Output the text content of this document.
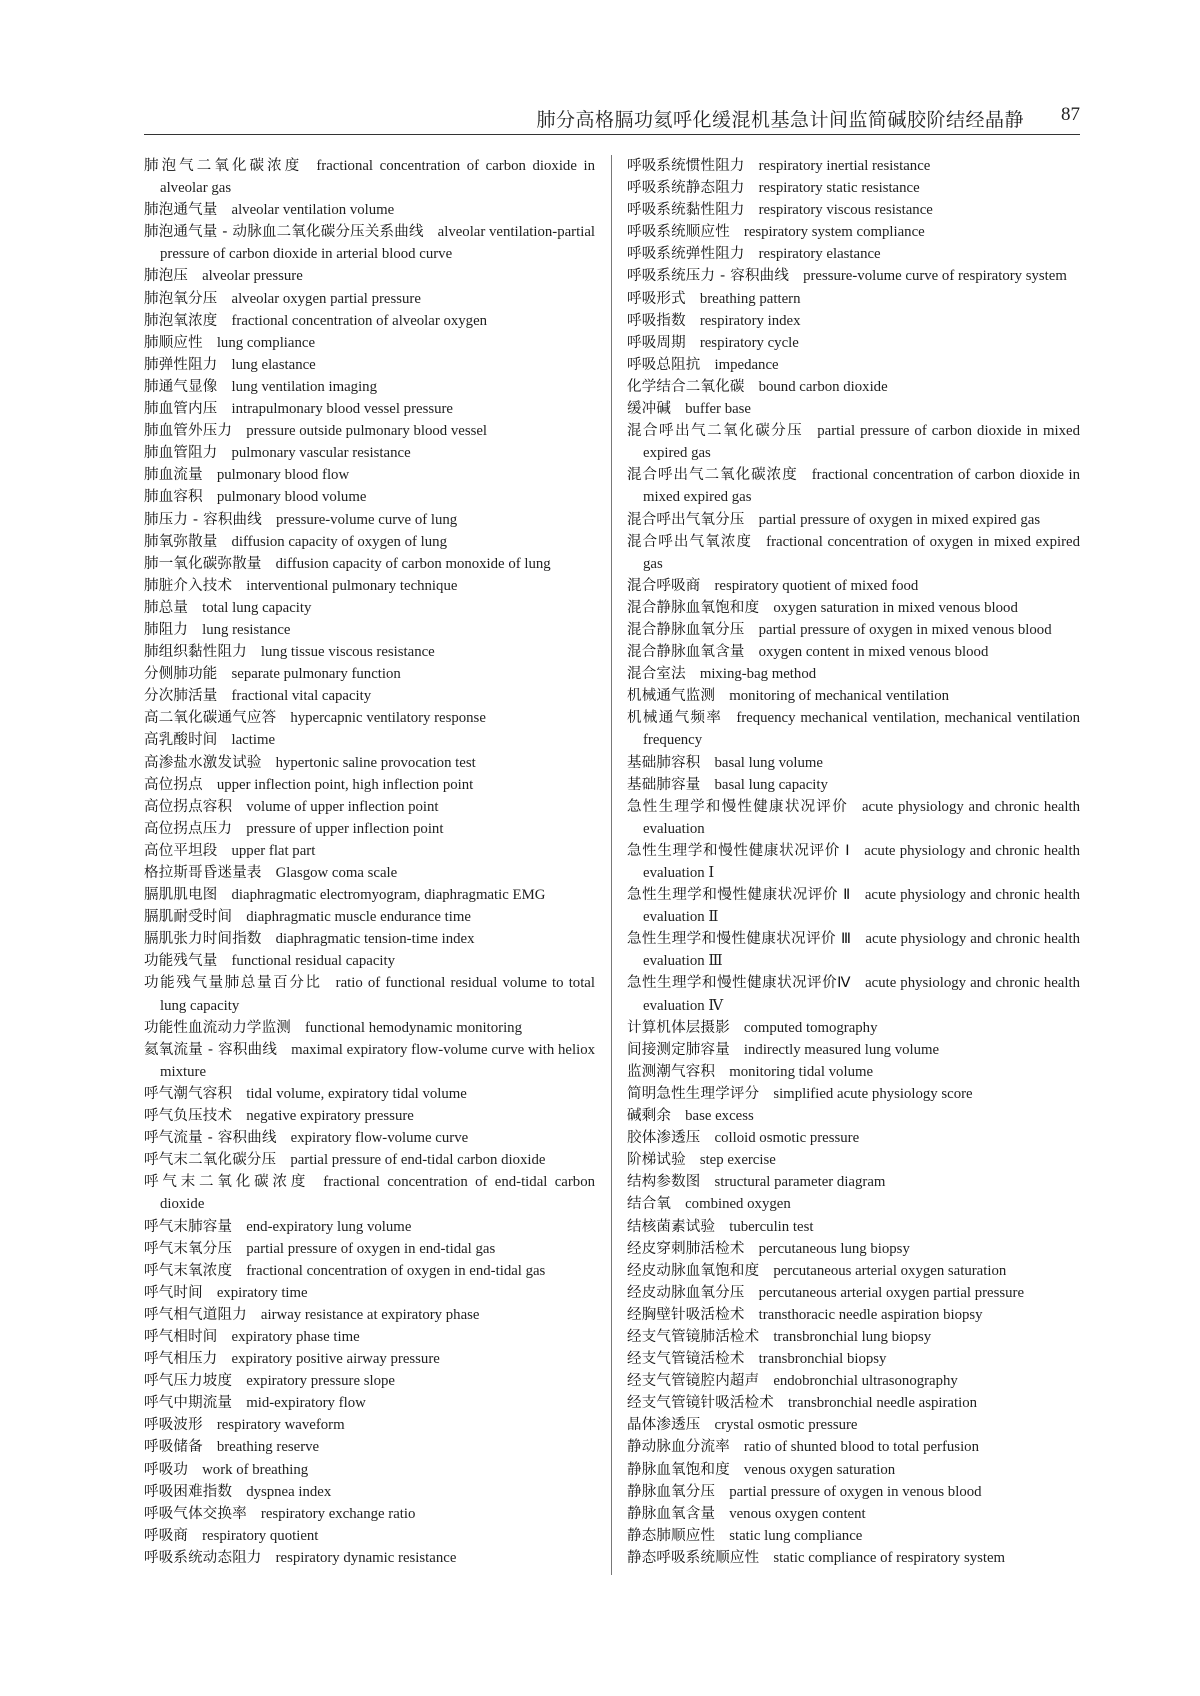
肺分高格膈功氦呼化缓混机基急计间监简碱胶阶结经晶静 87
肺泡气二氧化碳浓度 fractional concentration of carbon dioxide in alveolar gas
肺泡通气量 alveolar ventilation volume
肺泡通气量 - 动脉血二氧化碳分压关系曲线 alveolar ventilation-partial pressure of carbon dioxide in arterial blood curve
肺泡压 alveolar pressure
肺泡氧分压 alveolar oxygen partial pressure
肺泡氧浓度 fractional concentration of alveolar oxygen
肺顺应性 lung compliance
肺弹性阻力 lung elastance
肺通气显像 lung ventilation imaging
肺血管内压 intrapulmonary blood vessel pressure
肺血管外压力 pressure outside pulmonary blood vessel
肺血管阻力 pulmonary vascular resistance
肺血流量 pulmonary blood flow
肺血容积 pulmonary blood volume
肺压力 - 容积曲线 pressure-volume curve of lung
肺氧弥散量 diffusion capacity of oxygen of lung
肺一氧化碳弥散量 diffusion capacity of carbon monoxide of lung
肺脏介入技术 interventional pulmonary technique
肺总量 total lung capacity
肺阻力 lung resistance
肺组织黏性阻力 lung tissue viscous resistance
分侧肺功能 separate pulmonary function
分次肺活量 fractional vital capacity
高二氧化碳通气应答 hypercapnic ventilatory response
高乳酸时间 lactime
高渗盐水激发试验 hypertonic saline provocation test
高位拐点 upper inflection point, high inflection point
高位拐点容积 volume of upper inflection point
高位拐点压力 pressure of upper inflection point
高位平坦段 upper flat part
格拉斯哥昏迷量表 Glasgow coma scale
膈肌肌电图 diaphragmatic electromyogram, diaphragmatic EMG
膈肌耐受时间 diaphragmatic muscle endurance time
膈肌张力时间指数 diaphragmatic tension-time index
功能残气量 functional residual capacity
功能残气量肺总量百分比 ratio of functional residual volume to total lung capacity
功能性血流动力学监测 functional hemodynamic monitoring
氦氧流量 - 容积曲线 maximal expiratory flow-volume curve with heliox mixture
呼气潮气容积 tidal volume, expiratory tidal volume
呼气负压技术 negative expiratory pressure
呼气流量 - 容积曲线 expiratory flow-volume curve
呼气末二氧化碳分压 partial pressure of end-tidal carbon dioxide
呼气末二氧化碳浓度 fractional concentration of end-tidal carbon dioxide
呼气末肺容量 end-expiratory lung volume
呼气末氧分压 partial pressure of oxygen in end-tidal gas
呼气末氧浓度 fractional concentration of oxygen in end-tidal gas
呼气时间 expiratory time
呼气相气道阻力 airway resistance at expiratory phase
呼气相时间 expiratory phase time
呼气相压力 expiratory positive airway pressure
呼气压力坡度 expiratory pressure slope
呼气中期流量 mid-expiratory flow
呼吸波形 respiratory waveform
呼吸储备 breathing reserve
呼吸功 work of breathing
呼吸困难指数 dyspnea index
呼吸气体交换率 respiratory exchange ratio
呼吸商 respiratory quotient
呼吸系统动态阻力 respiratory dynamic resistance
呼吸系统惯性阻力 respiratory inertial resistance
呼吸系统静态阻力 respiratory static resistance
呼吸系统黏性阻力 respiratory viscous resistance
呼吸系统顺应性 respiratory system compliance
呼吸系统弹性阻力 respiratory elastance
呼吸系统压力 - 容积曲线 pressure-volume curve of respiratory system
呼吸形式 breathing pattern
呼吸指数 respiratory index
呼吸周期 respiratory cycle
呼吸总阻抗 impedance
化学结合二氧化碳 bound carbon dioxide
缓冲碱 buffer base
混合呼出气二氧化碳分压 partial pressure of carbon dioxide in mixed expired gas
混合呼出气二氧化碳浓度 fractional concentration of carbon dioxide in mixed expired gas
混合呼出气氧分压 partial pressure of oxygen in mixed expired gas
混合呼出气氧浓度 fractional concentration of oxygen in mixed expired gas
混合呼吸商 respiratory quotient of mixed food
混合静脉血氧饱和度 oxygen saturation in mixed venous blood
混合静脉血氧分压 partial pressure of oxygen in mixed venous blood
混合静脉血氧含量 oxygen content in mixed venous blood
混合室法 mixing-bag method
机械通气监测 monitoring of mechanical ventilation
机械通气频率 frequency mechanical ventilation, mechanical ventilation frequency
基础肺容积 basal lung volume
基础肺容量 basal lung capacity
急性生理学和慢性健康状况评价 acute physiology and chronic health evaluation
急性生理学和慢性健康状况评价 Ⅰ acute physiology and chronic health evaluation Ⅰ
急性生理学和慢性健康状况评价 Ⅱ acute physiology and chronic health evaluation Ⅱ
急性生理学和慢性健康状况评价 Ⅲ acute physiology and chronic health evaluation Ⅲ
急性生理学和慢性健康状况评价Ⅳ acute physiology and chronic health evaluation Ⅳ
计算机体层摄影 computed tomography
间接测定肺容量 indirectly measured lung volume
监测潮气容积 monitoring tidal volume
简明急性生理学评分 simplified acute physiology score
碱剩余 base excess
胶体渗透压 colloid osmotic pressure
阶梯试验 step exercise
结构参数图 structural parameter diagram
结合氧 combined oxygen
结核菌素试验 tuberculin test
经皮穿刺肺活检术 percutaneous lung biopsy
经皮动脉血氧饱和度 percutaneous arterial oxygen saturation
经皮动脉血氧分压 percutaneous arterial oxygen partial pressure
经胸壁针吸活检术 transthoracic needle aspiration biopsy
经支气管镜肺活检术 transbronchial lung biopsy
经支气管镜活检术 transbronchial biopsy
经支气管镜腔内超声 endobronchial ultrasonography
经支气管镜针吸活检术 transbronchial needle aspiration
晶体渗透压 crystal osmotic pressure
静动脉血分流率 ratio of shunted blood to total perfusion
静脉血氧饱和度 venous oxygen saturation
静脉血氧分压 partial pressure of oxygen in venous blood
静脉血氧含量 venous oxygen content
静态肺顺应性 static lung compliance
静态呼吸系统顺应性 static compliance of respiratory system
